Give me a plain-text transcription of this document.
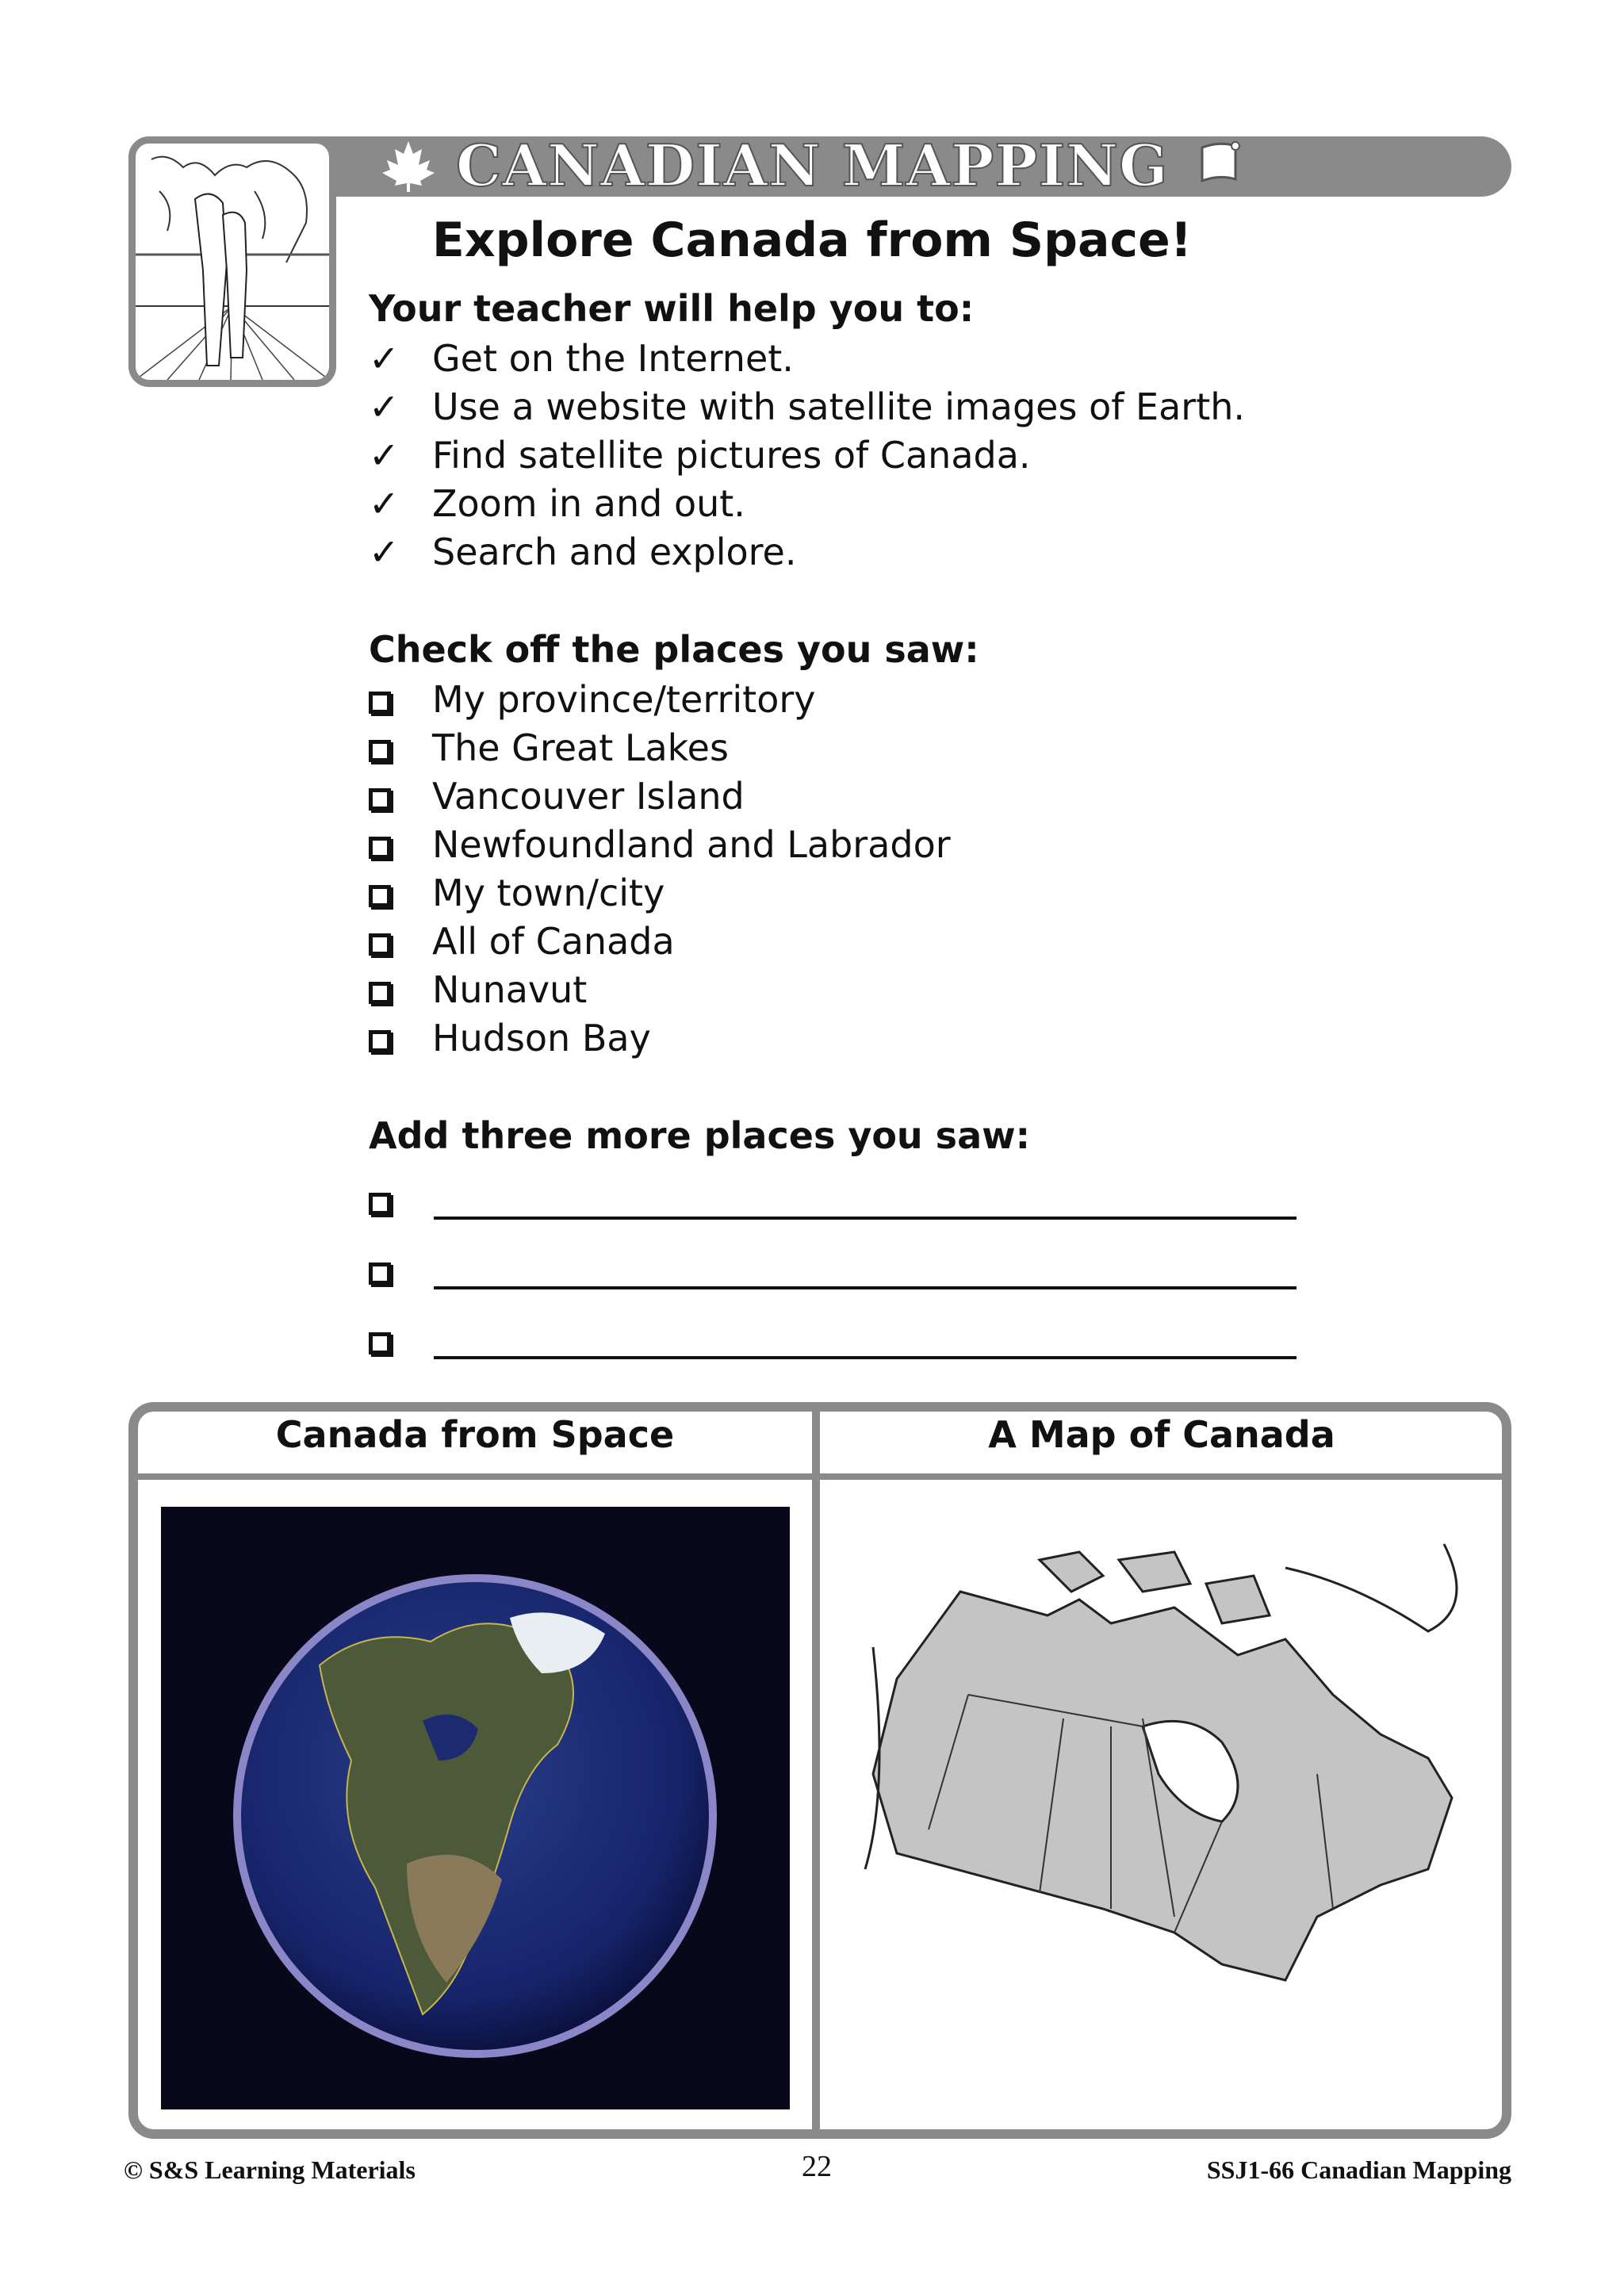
CANADIAN MAPPING
Explore Canada from Space!
Your teacher will help you to:
✓ Get on the Internet.
✓ Use a website with satellite images of Earth.
✓ Find satellite pictures of Canada.
✓ Zoom in and out.
✓ Search and explore.
Check off the places you saw:
My province/territory
The Great Lakes
Vancouver Island
Newfoundland and Labrador
My town/city
All of Canada
Nunavut
Hudson Bay
Add three more places you saw:
Canada from Space	A Map of Canada
© S&S Learning Materials	22	SSJ1-66 Canadian Mapping
